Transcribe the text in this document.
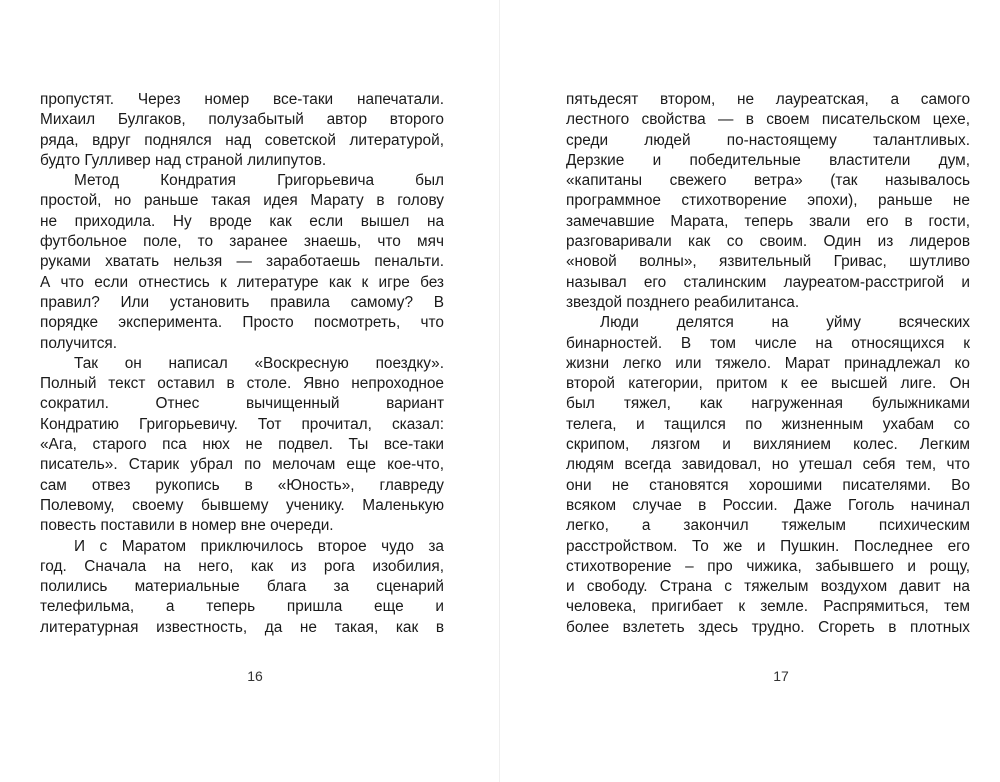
пропустят. Через номер все-таки напечатали.
Михаил Булгаков, полузабытый автор второго
ряда, вдруг поднялся над советской литературой,
будто Гулливер над страной лилипутов.
Метод Кондратия Григорьевича был
простой, но раньше такая идея Марату в голову
не приходила. Ну вроде как если вышел на
футбольное поле, то заранее знаешь, что мяч
руками хватать нельзя — заработаешь пенальти.
А что если отнестись к литературе как к игре без
правил? Или установить правила самому? В
порядке эксперимента. Просто посмотреть, что
получится.
Так он написал «Воскресную поездку».
Полный текст оставил в столе. Явно непроходное
сократил. Отнес вычищенный вариант
Кондратию Григорьевичу. Тот прочитал, сказал:
«Ага, старого пса нюх не подвел. Ты все-таки
писатель». Старик убрал по мелочам еще кое-что,
сам отвез рукопись в «Юность», главреду
Полевому, своему бывшему ученику. Маленькую
повесть поставили в номер вне очереди.
И с Маратом приключилось второе чудо за
год. Сначала на него, как из рога изобилия,
полились материальные блага за сценарий
телефильма, а теперь пришла еще и
литературная известность, да не такая, как в
16
пятьдесят втором, не лауреатская, а самого
лестного свойства — в своем писательском цехе,
среди людей по-настоящему талантливых.
Дерзкие и победительные властители дум,
«капитаны свежего ветра» (так называлось
программное стихотворение эпохи), раньше не
замечавшие Марата, теперь звали его в гости,
разговаривали как со своим. Один из лидеров
«новой волны», язвительный Гривас, шутливо
называл его сталинским лауреатом-расстригой и
звездой позднего реабилитанса.
Люди делятся на уйму всяческих
бинарностей. В том числе на относящихся к
жизни легко или тяжело. Марат принадлежал ко
второй категории, притом к ее высшей лиге. Он
был тяжел, как нагруженная булыжниками
телега, и тащился по жизненным ухабам со
скрипом, лязгом и вихлянием колес. Легким
людям всегда завидовал, но утешал себя тем, что
они не становятся хорошими писателями. Во
всяком случае в России. Даже Гоголь начинал
легко, а закончил тяжелым психическим
расстройством. То же и Пушкин. Последнее его
стихотворение – про чижика, забывшего и рощу,
и свободу. Страна с тяжелым воздухом давит на
человека, пригибает к земле. Распрямиться, тем
более взлететь здесь трудно. Сгореть в плотных
17
